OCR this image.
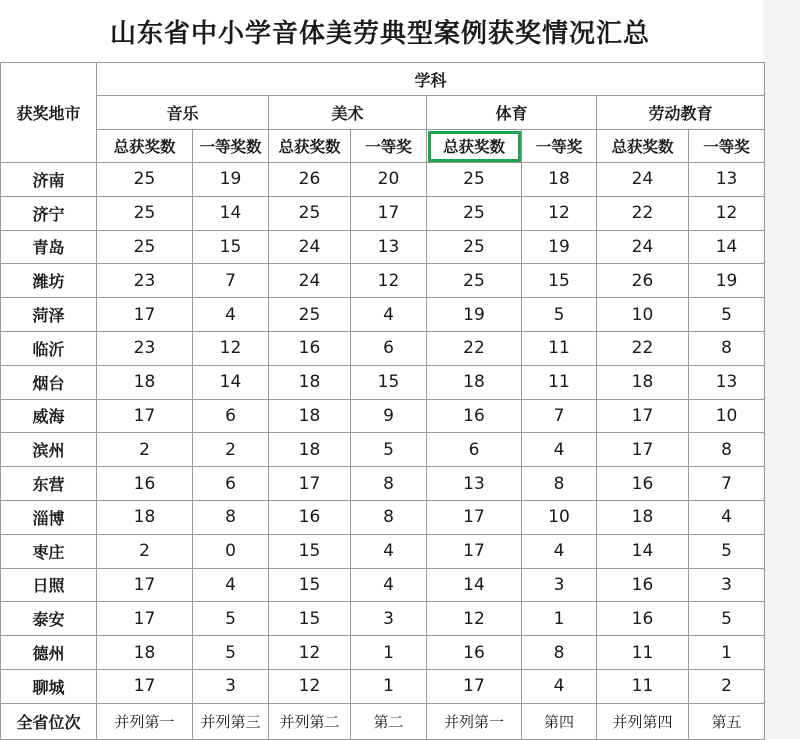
山东省中小学音体美劳典型案例获奖情况汇总
获奖地市	学科							
	音乐		美术		体育		劳动教育	
	总获奖数	一等奖数	总获奖数	一等奖	总获奖数	一等奖	总获奖数	一等奖
济南	25	19	26	20	25	18	24	13
济宁	25	14	25	17	25	12	22	12
青岛	25	15	24	13	25	19	24	14
潍坊	23	7	24	12	25	15	26	19
菏泽	17	4	25	4	19	5	10	5
临沂	23	12	16	6	22	11	22	8
烟台	18	14	18	15	18	11	18	13
威海	17	6	18	9	16	7	17	10
滨州	2	2	18	5	6	4	17	8
东营	16	6	17	8	13	8	16	7
淄博	18	8	16	8	17	10	18	4
枣庄	2	0	15	4	17	4	14	5
日照	17	4	15	4	14	3	16	3
泰安	17	5	15	3	12	1	16	5
德州	18	5	12	1	16	8	11	1
聊城	17	3	12	1	17	4	11	2
全省位次	并列第一	并列第三	并列第二	第二	并列第一	第四	并列第四	第五
